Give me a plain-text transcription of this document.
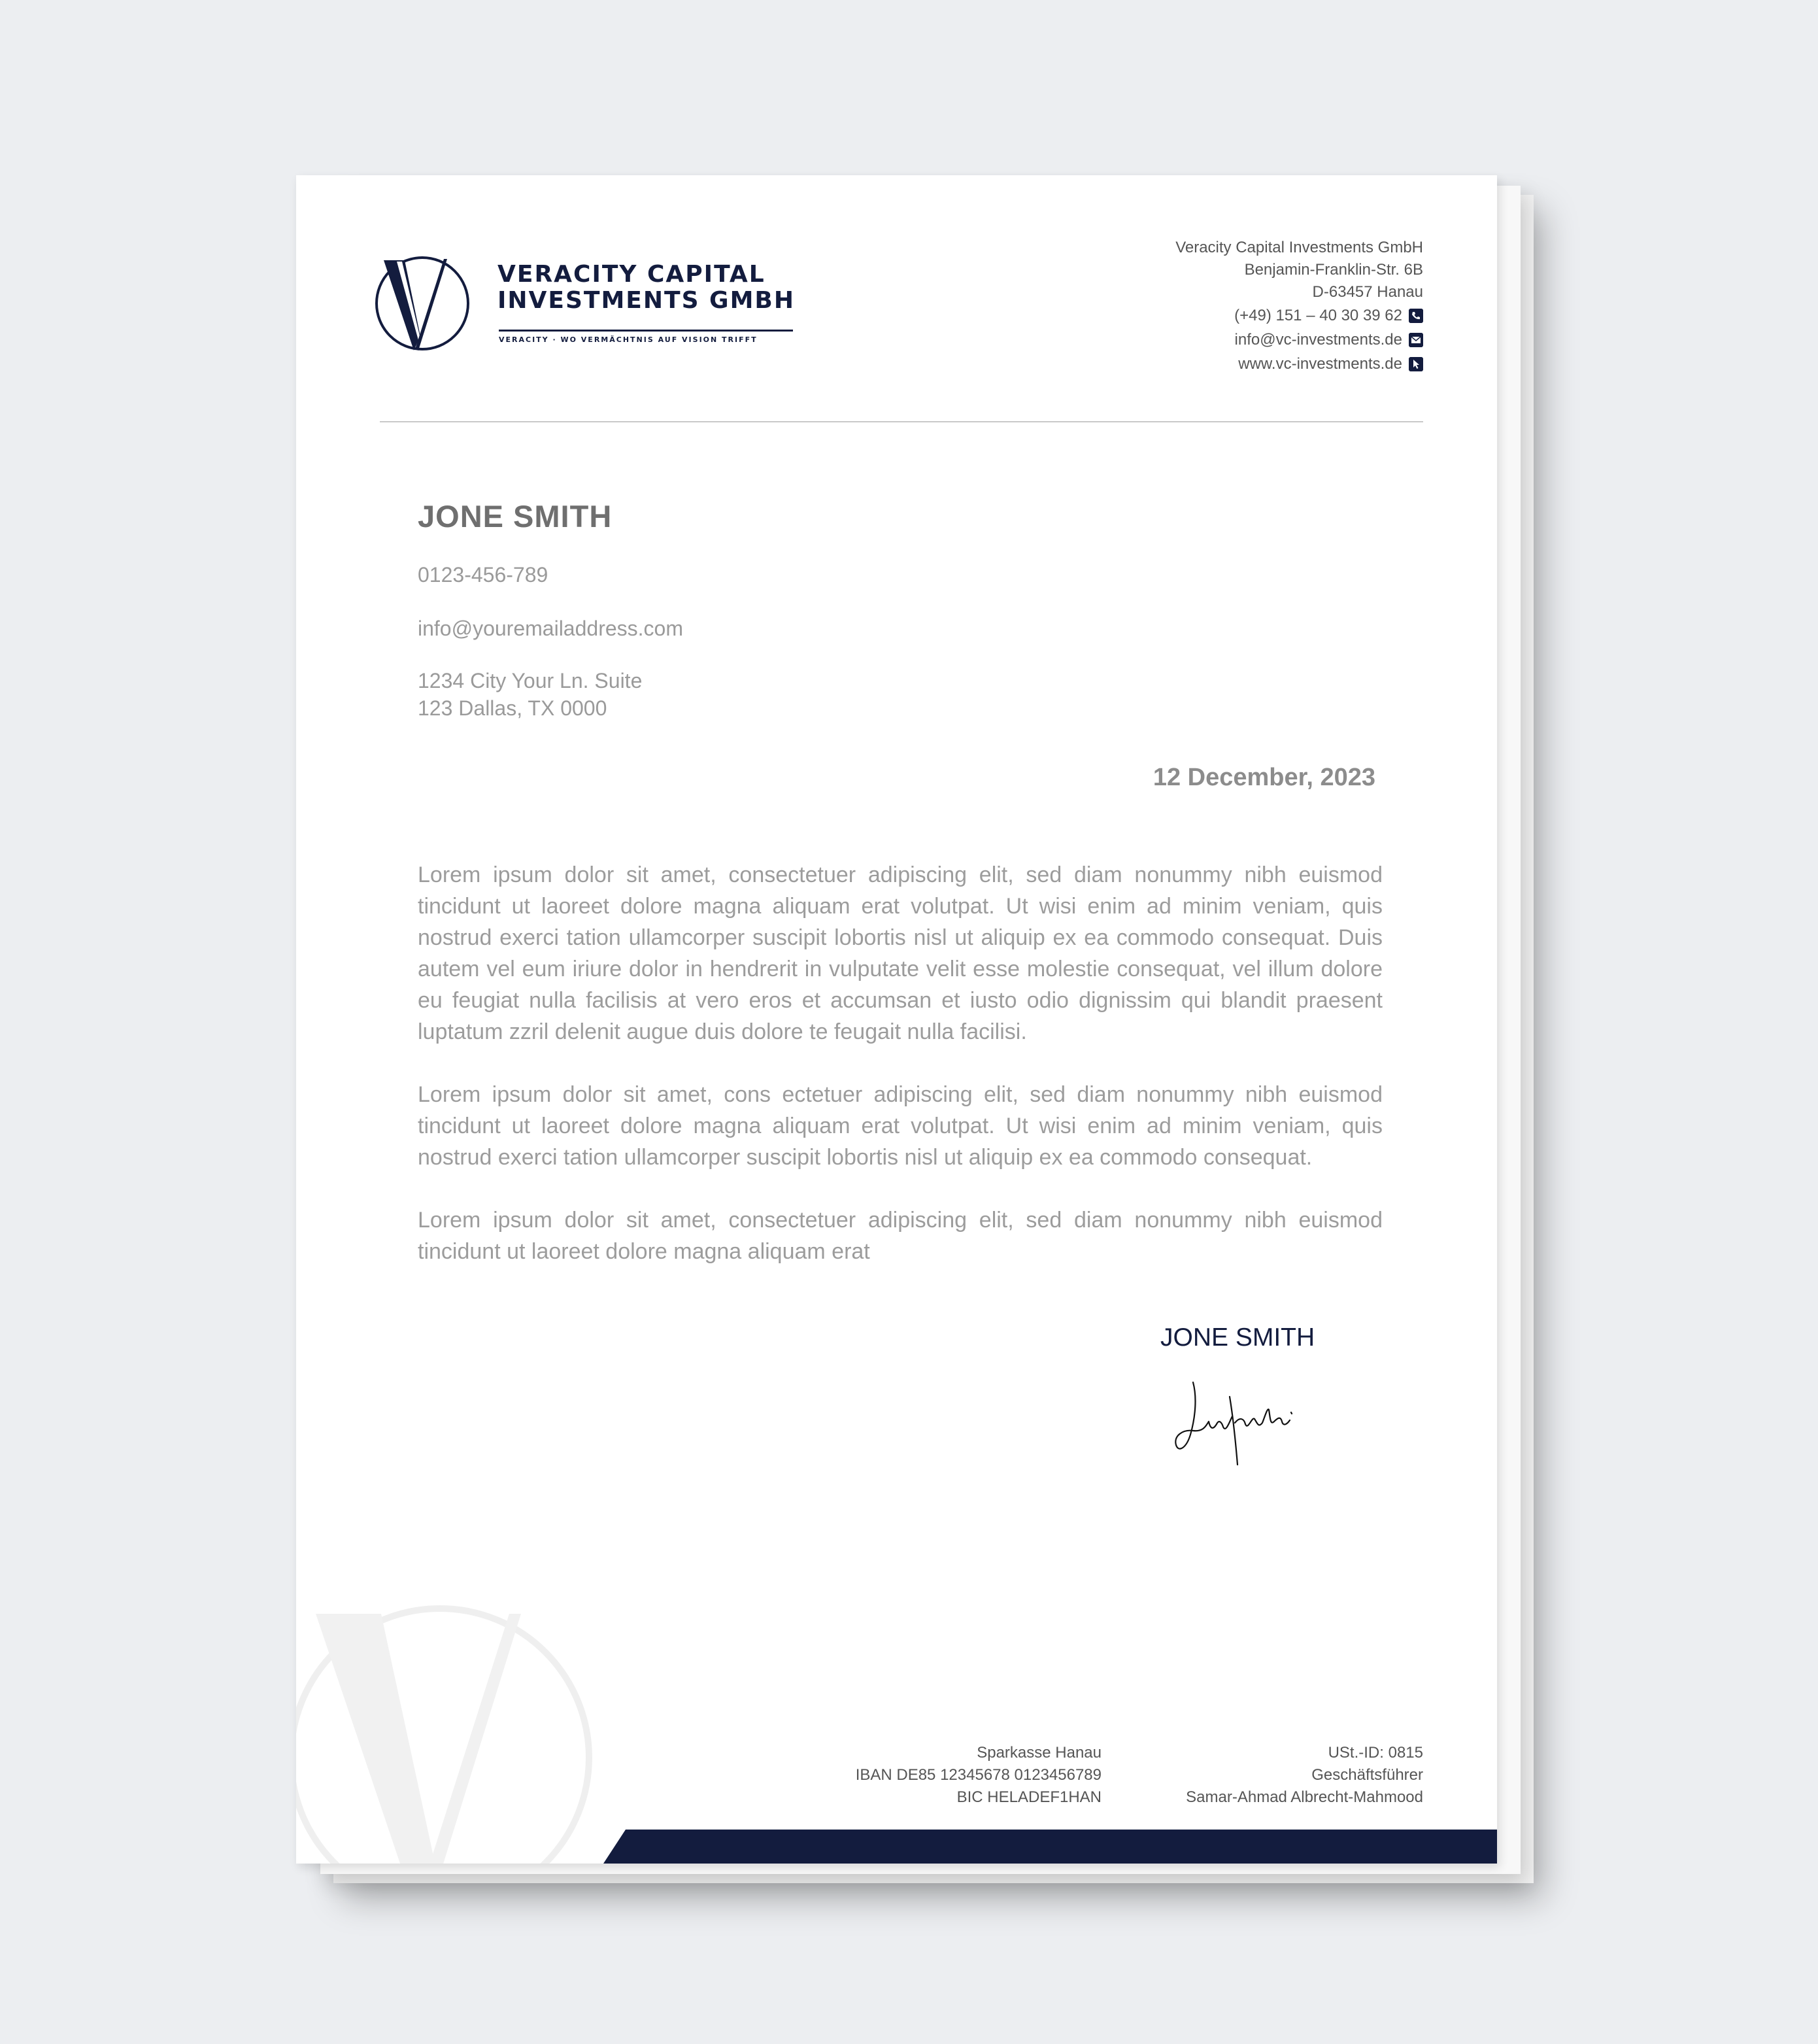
VERACITY CAPITAL
INVESTMENTS GMBH
VERACITY · WO VERMÄCHTNIS AUF VISION TRIFFT
Veracity Capital Investments GmbH
Benjamin-Franklin-Str. 6B
D-63457 Hanau
(+49) 151 – 40 30 39 62
info@vc-investments.de
www.vc-investments.de
JONE SMITH
0123-456-789
info@youremailaddress.com
1234 City Your Ln. Suite
123 Dallas, TX 0000
12 December, 2023

Lorem ipsum dolor sit amet, consectetuer adipiscing elit, sed diam nonummy nibh euismod tincidunt ut laoreet dolore magna aliquam erat volutpat. Ut wisi enim ad minim veniam, quis nostrud exerci tation ullamcorper suscipit lobortis nisl ut aliquip ex ea commodo consequat. Duis autem vel eum iriure dolor in hendrerit in vulputate velit esse molestie consequat, vel illum dolore eu feugiat nulla facilisis at vero eros et accumsan et iusto odio dignissim qui blandit praesent luptatum zzril delenit augue duis dolore te feugait nulla facilisi.

Lorem ipsum dolor sit amet, cons ectetuer adipiscing elit, sed diam nonummy nibh euismod tincidunt ut laoreet dolore magna aliquam erat volutpat. Ut wisi enim ad minim veniam, quis nostrud exerci tation ullamcorper suscipit lobortis nisl ut aliquip ex ea commodo consequat.

Lorem ipsum dolor sit amet, consectetuer adipiscing elit, sed diam nonummy nibh euismod tincidunt ut laoreet dolore magna aliquam erat

JONE SMITH
Sparkasse Hanau
IBAN DE85 12345678 0123456789
BIC HELADEF1HAN
USt.-ID: 0815
Geschäftsführer
Samar-Ahmad Albrecht-Mahmood
